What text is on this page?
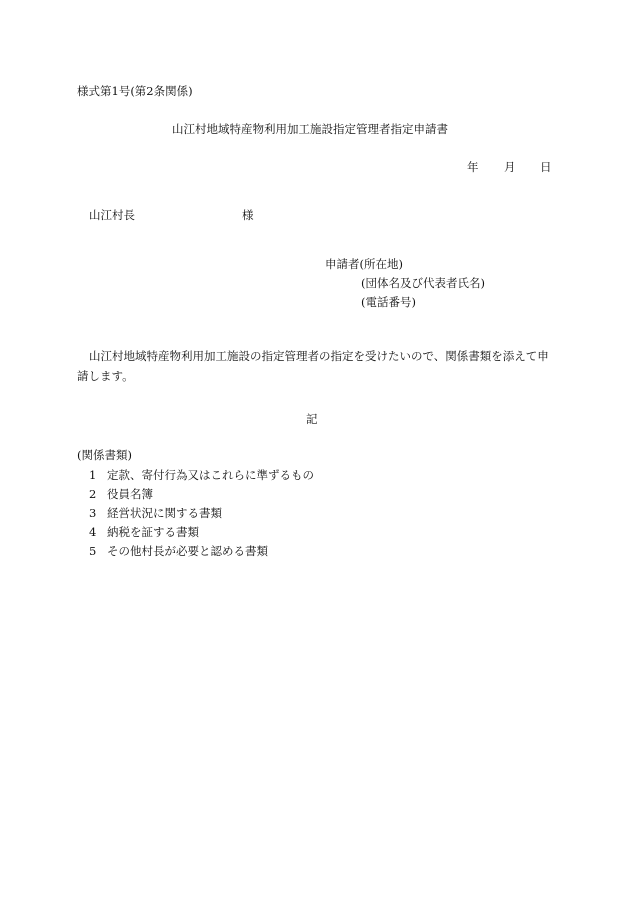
様式第1号(第2条関係)
山江村地域特産物利用加工施設指定管理者指定申請書
年 月 日
山江村長	様
申請者(所在地)
(団体名及び代表者氏名)
(電話番号)
山江村地域特産物利用加工施設の指定管理者の指定を受けたいので、関係書類を添えて申請します。
記
(関係書類)
1 定款、寄付行為又はこれらに準ずるもの
2 役員名簿
3 経営状況に関する書類
4 納税を証する書類
5 その他村長が必要と認める書類
